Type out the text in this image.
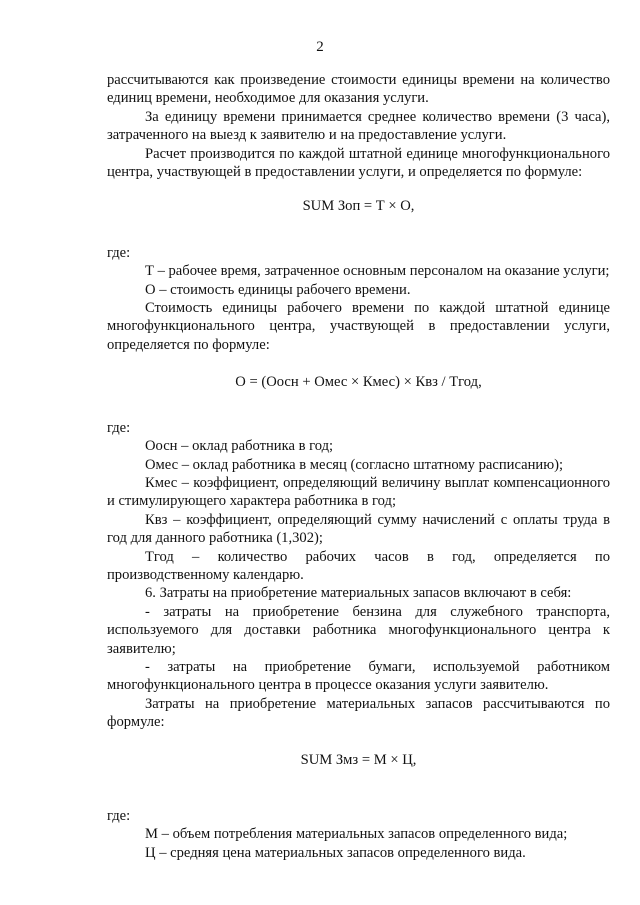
2

рассчитываются как произведение стоимости единицы времени на количество единиц времени, необходимое для оказания услуги.

За единицу времени принимается среднее количество времени (3 часа), затраченного на выезд к заявителю и на предоставление услуги.

Расчет производится по каждой штатной единице многофункционального центра, участвующей в предоставлении услуги, и определяется по формуле:

SUM Зоп = Т × О,

где:

Т – рабочее время, затраченное основным персоналом на оказание услуги;

О – стоимость единицы рабочего времени.

Стоимость единицы рабочего времени по каждой штатной единице многофункционального центра, участвующей в предоставлении услуги, определяется по формуле:

О = (Оосн + Омес × Кмес) × Квз / Тгод,

где:

Оосн – оклад работника в год;

Омес – оклад работника в месяц (согласно штатному расписанию);

Кмес – коэффициент, определяющий величину выплат компенсационного и стимулирующего характера работника в год;

Квз – коэффициент, определяющий сумму начислений с оплаты труда в год для данного работника (1,302);

Тгод – количество рабочих часов в год, определяется по производственному календарю.

6. Затраты на приобретение материальных запасов включают в себя:

- затраты на приобретение бензина для служебного транспорта, используемого для доставки работника многофункционального центра к заявителю;

- затраты на приобретение бумаги, используемой работником многофункционального центра в процессе оказания услуги заявителю.

Затраты на приобретение материальных запасов рассчитываются по формуле:

SUM Змз = М × Ц,

где:

М – объем потребления материальных запасов определенного вида;

Ц – средняя цена материальных запасов определенного вида.
